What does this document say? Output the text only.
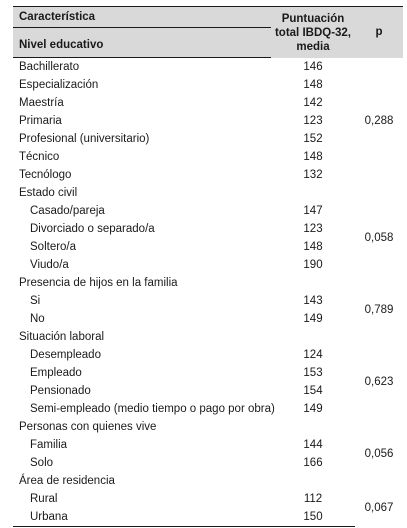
Característica	Puntuación
total IBDQ-32,
media	p
Nivel educativo		
Bachillerato	146	0,288
Especialización	148	
Maestría	142	
Primaria	123	
Profesional (universitario)	152	
Técnico	148	
Tecnólogo	132	
Estado civil		
Casado/pareja	147	0,058
Divorciado o separado/a	123	
Soltero/a	148	
Viudo/a	190	
Presencia de hijos en la familia		
Si	143	0,789
No	149	
Situación laboral		
Desempleado	124	0,623
Empleado	153	
Pensionado	154	
Semi-empleado (medio tiempo o pago por obra)	149	
Personas con quienes vive		
Familia	144	0,056
Solo	166	
Área de residencia		
Rural	112	0,067
Urbana	150	
